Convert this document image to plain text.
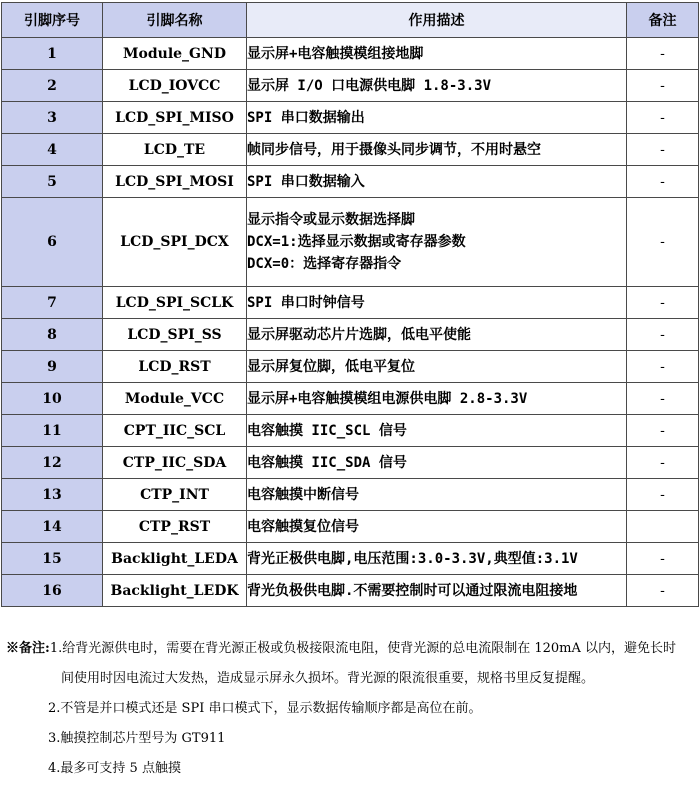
引脚序号	引脚名称	作用描述	备注
1	Module_GND	显示屏+电容触摸模组接地脚	-
2	LCD_IOVCC	显示屏 I/O 口电源供电脚 1.8-3.3V	-
3	LCD_SPI_MISO	SPI 串口数据输出	-
4	LCD_TE	帧同步信号，用于摄像头同步调节，不用时悬空	-
5	LCD_SPI_MOSI	SPI 串口数据输入	-
6	LCD_SPI_DCX	显示指令或显示数据选择脚
DCX=1:选择显示数据或寄存器参数
DCX=0：选择寄存器指令	-
7	LCD_SPI_SCLK	SPI 串口时钟信号	-
8	LCD_SPI_SS	显示屏驱动芯片片选脚，低电平使能	-
9	LCD_RST	显示屏复位脚，低电平复位	-
10	Module_VCC	显示屏+电容触摸模组电源供电脚 2.8-3.3V	-
11	CPT_IIC_SCL	电容触摸 IIC_SCL 信号	-
12	CTP_IIC_SDA	电容触摸 IIC_SDA 信号	-
13	CTP_INT	电容触摸中断信号	-
14	CTP_RST	电容触摸复位信号	

15	Backlight_LEDA	背光正极供电脚,电压范围:3.0-3.3V,典型值:3.1V	-
16	Backlight_LEDK	背光负极供电脚.不需要控制时可以通过限流电阻接地	-
※备注:1.给背光源供电时，需要在背光源正极或负极接限流电阻，使背光源的总电流限制在 120mA 以内，避免长时
间使用时因电流过大发热，造成显示屏永久损坏。背光源的限流很重要，规格书里反复提醒。
2.不管是并口模式还是 SPI 串口模式下，显示数据传输顺序都是高位在前。
3.触摸控制芯片型号为 GT911
4.最多可支持 5 点触摸
